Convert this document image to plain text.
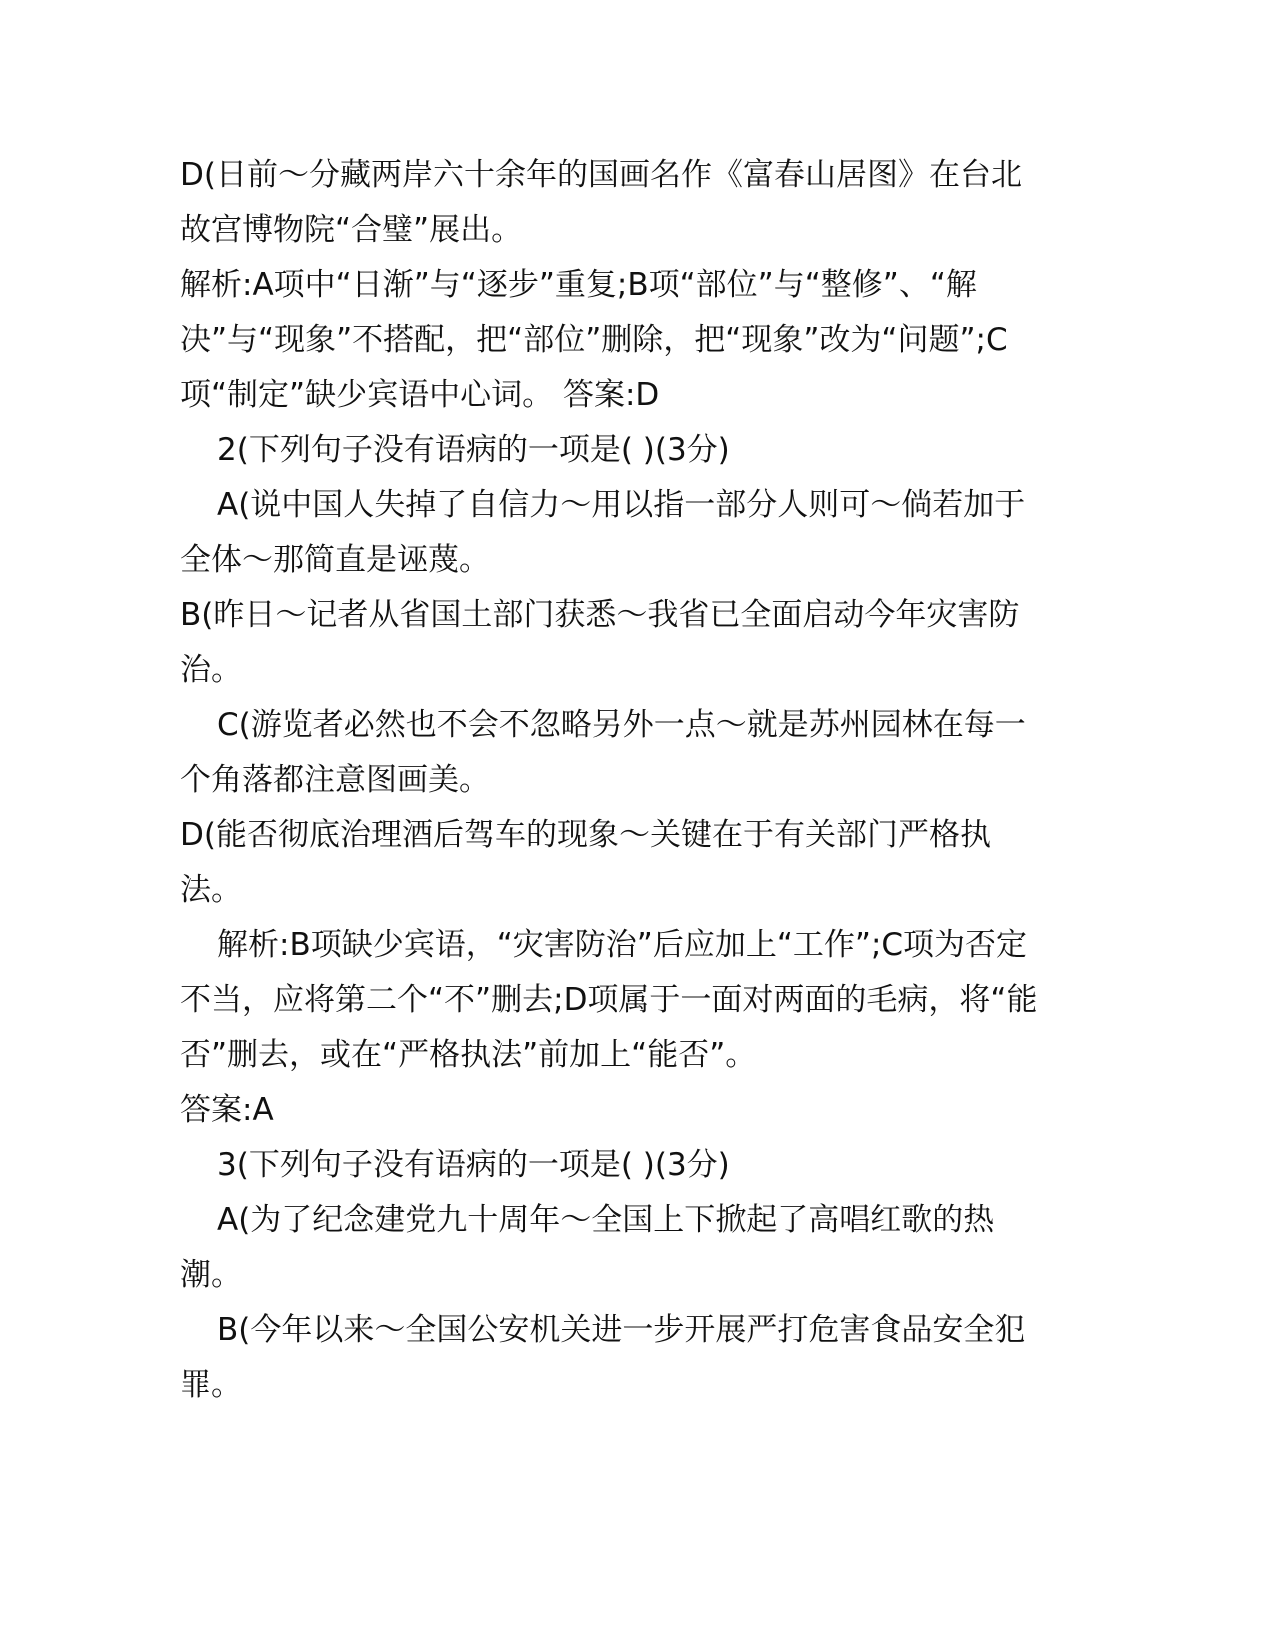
D(日前～分藏两岸六十余年的国画名作《富春山居图》在台北故宫博物院“合璧”展出。

解析:A项中“日渐”与“逐步”重复;B项“部位”与“整修”、“解决”与“现象”不搭配，把“部位”删除，把“现象”改为“问题”;C项“制定”缺少宾语中心词。 答案:D

2(下列句子没有语病的一项是( )(3分)

A(说中国人失掉了自信力～用以指一部分人则可～倘若加于全体～那简直是诬蔑。

B(昨日～记者从省国土部门获悉～我省已全面启动今年灾害防治。

C(游览者必然也不会不忽略另外一点～就是苏州园林在每一个角落都注意图画美。

D(能否彻底治理酒后驾车的现象～关键在于有关部门严格执法。

解析:B项缺少宾语，“灾害防治”后应加上“工作”;C项为否定不当，应将第二个“不”删去;D项属于一面对两面的毛病，将“能否”删去，或在“严格执法”前加上“能否”。

答案:A

3(下列句子没有语病的一项是( )(3分)

A(为了纪念建党九十周年～全国上下掀起了高唱红歌的热潮。

B(今年以来～全国公安机关进一步开展严打危害食品安全犯罪。
